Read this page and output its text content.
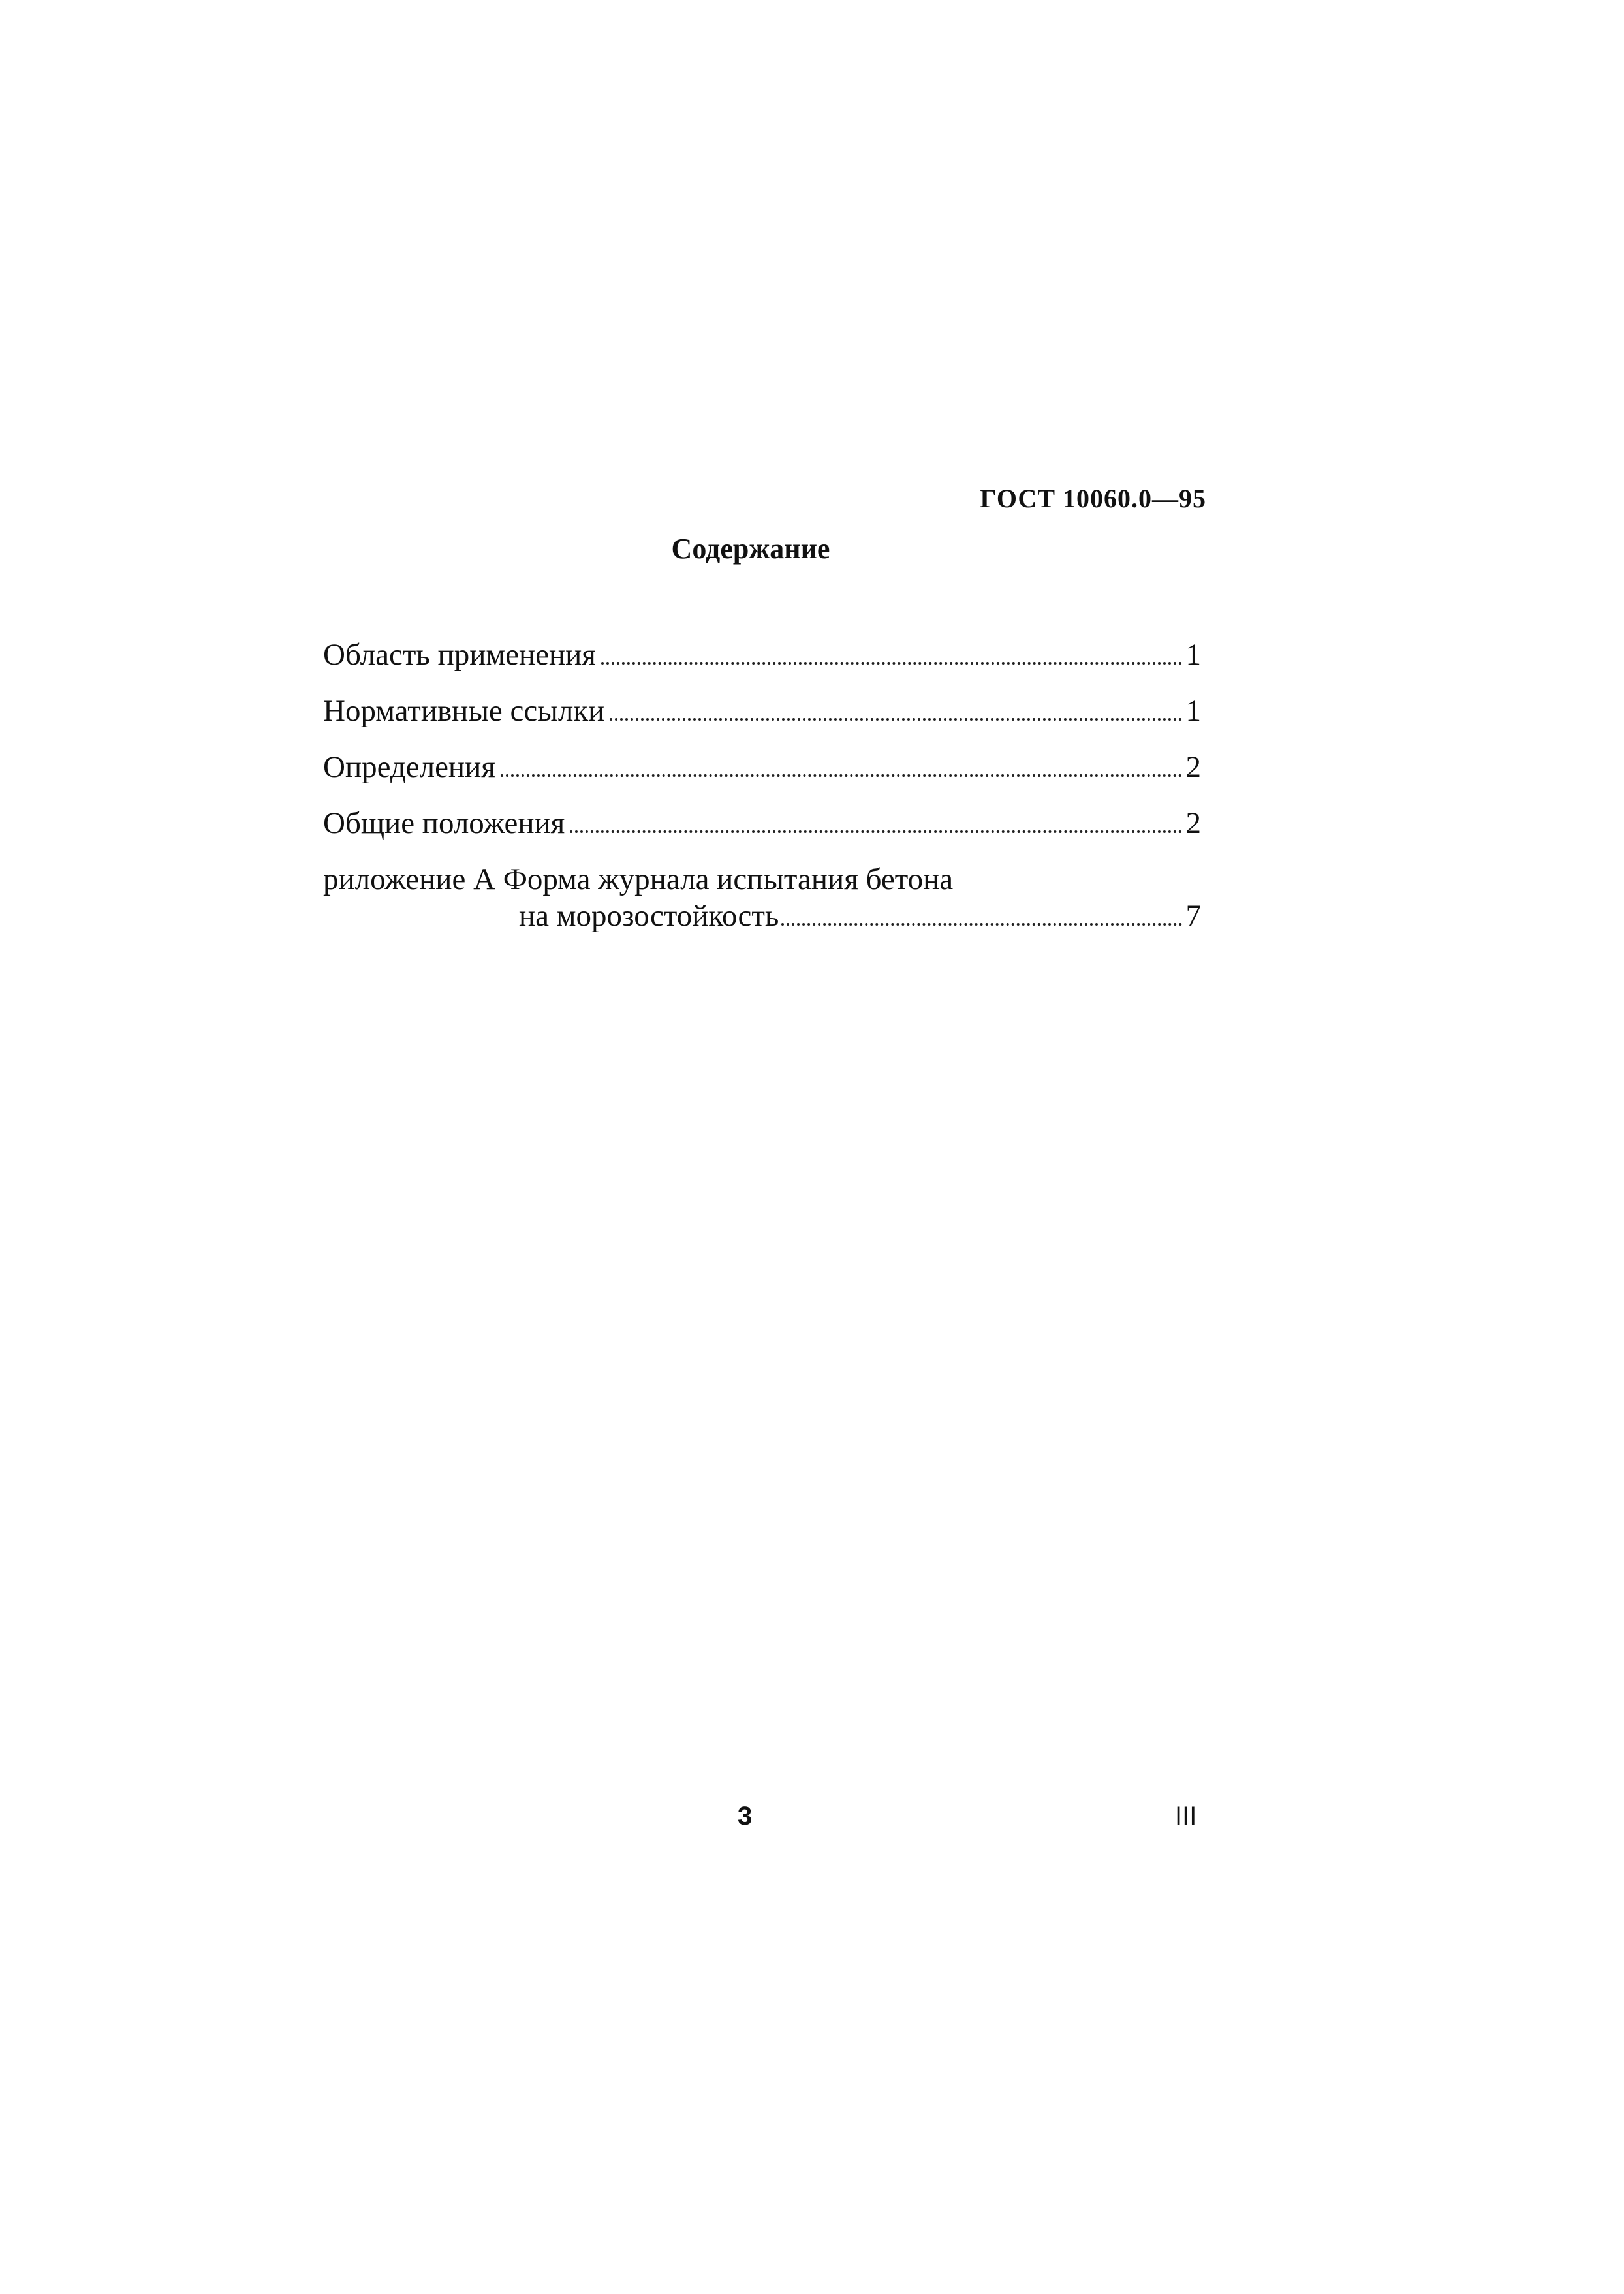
ГОСТ 10060.0—95
Содержание
Область применения	1
Нормативные ссылки	1
Определения	2
Общие положения	2
риложение А Форма журнала испытания бетона
на морозостойкость	7
3	III
